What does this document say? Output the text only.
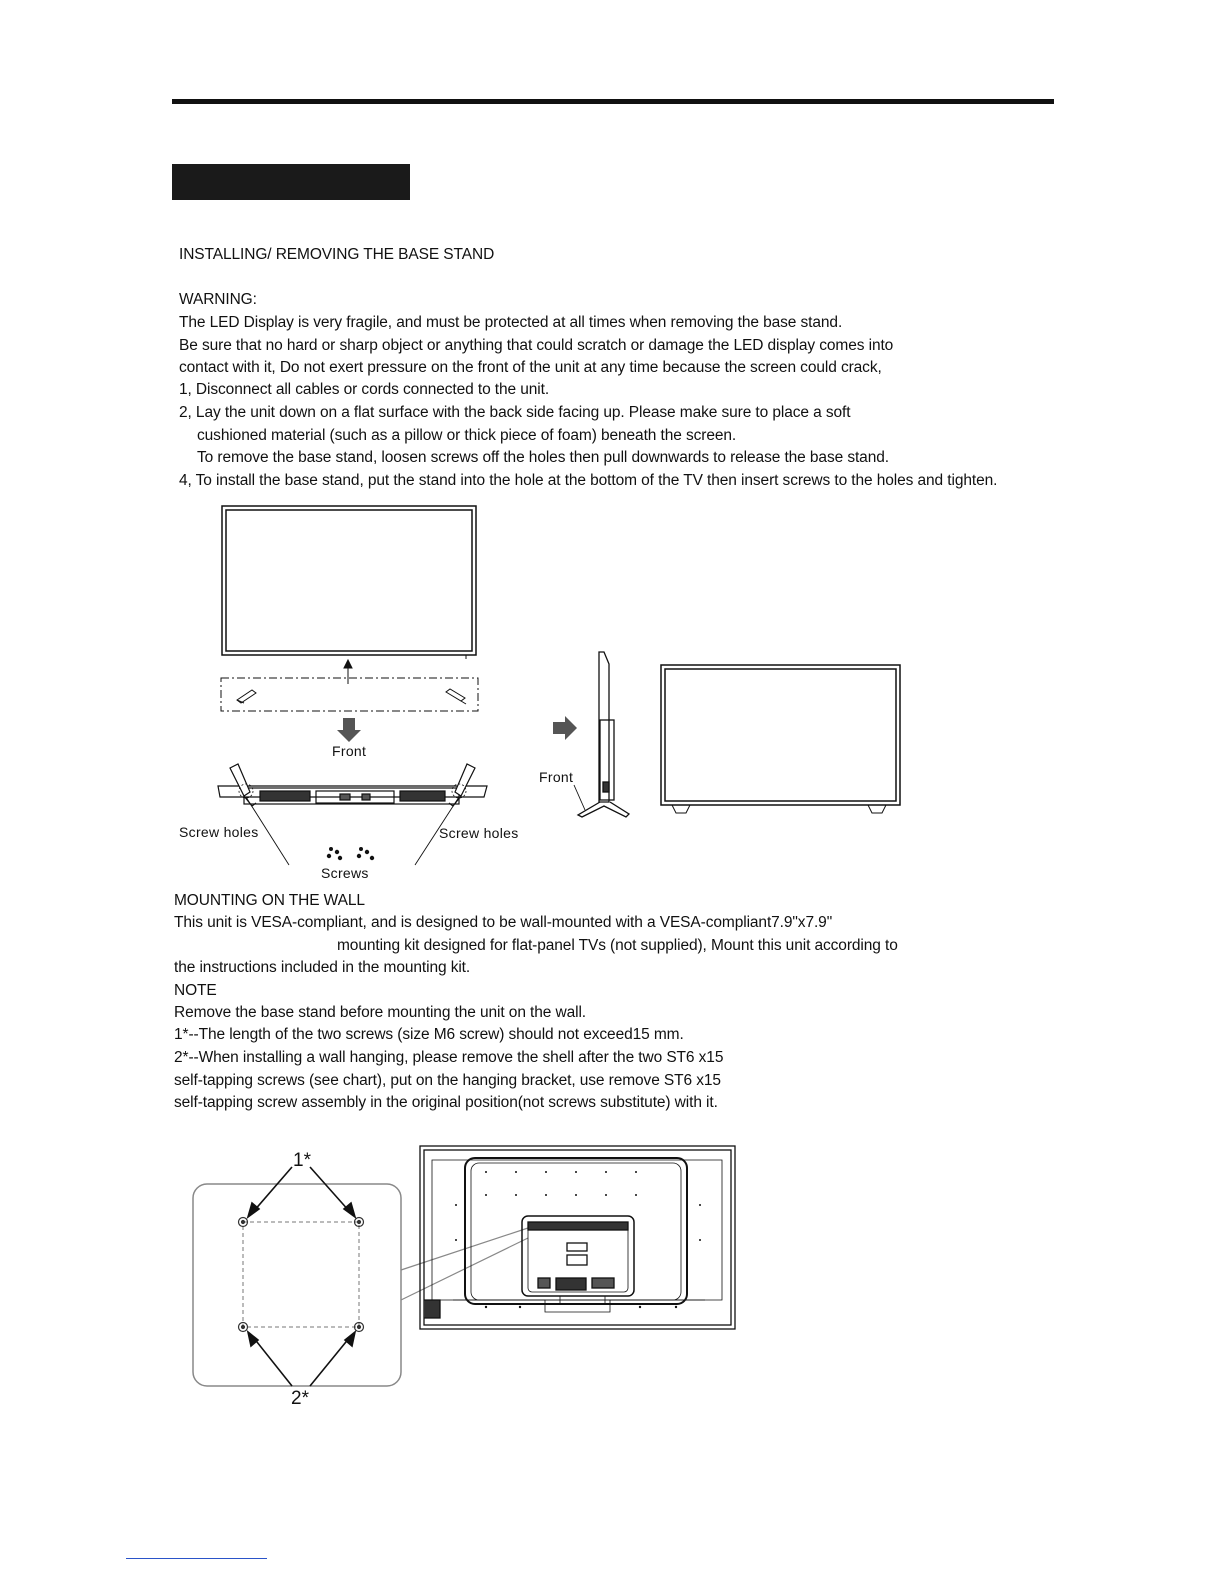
INSTALLING/ REMOVING THE BASE STAND
WARNING:
The LED Display is very fragile, and must be protected at all times when removing the base stand.
Be sure that no hard or sharp object or anything that could scratch or damage the LED display comes into
contact with it, Do not exert pressure on the front of the unit at any time because the screen could crack,
1, Disconnect all cables or cords connected to the unit.
2, Lay the unit down on a flat surface with the back side facing up. Please make sure to place a soft
cushioned material (such as a pillow or thick piece of foam) beneath the screen.
To remove the base stand, loosen screws off the holes then pull downwards to release the base stand.
4, To install the base stand, put the stand into the hole at the bottom of the TV then insert screws to the holes and tighten.
Front
Front
Screw holes	Screw holes
Screws
MOUNTING ON THE WALL
This unit is VESA-compliant, and is designed to be wall-mounted with a VESA-compliant7.9"x7.9"
mounting kit designed for flat-panel TVs (not supplied), Mount this unit according to
the instructions included in the mounting kit.
NOTE
Remove the base stand before mounting the unit on the wall.
1*--The length of the two screws (size M6 screw) should not exceed15 mm.
2*--When installing a wall hanging, please remove the shell after the two ST6 x15
self-tapping screws (see chart), put on the hanging bracket, use remove ST6 x15
self-tapping screw assembly in the original position(not screws substitute) with it.
1*
2*
